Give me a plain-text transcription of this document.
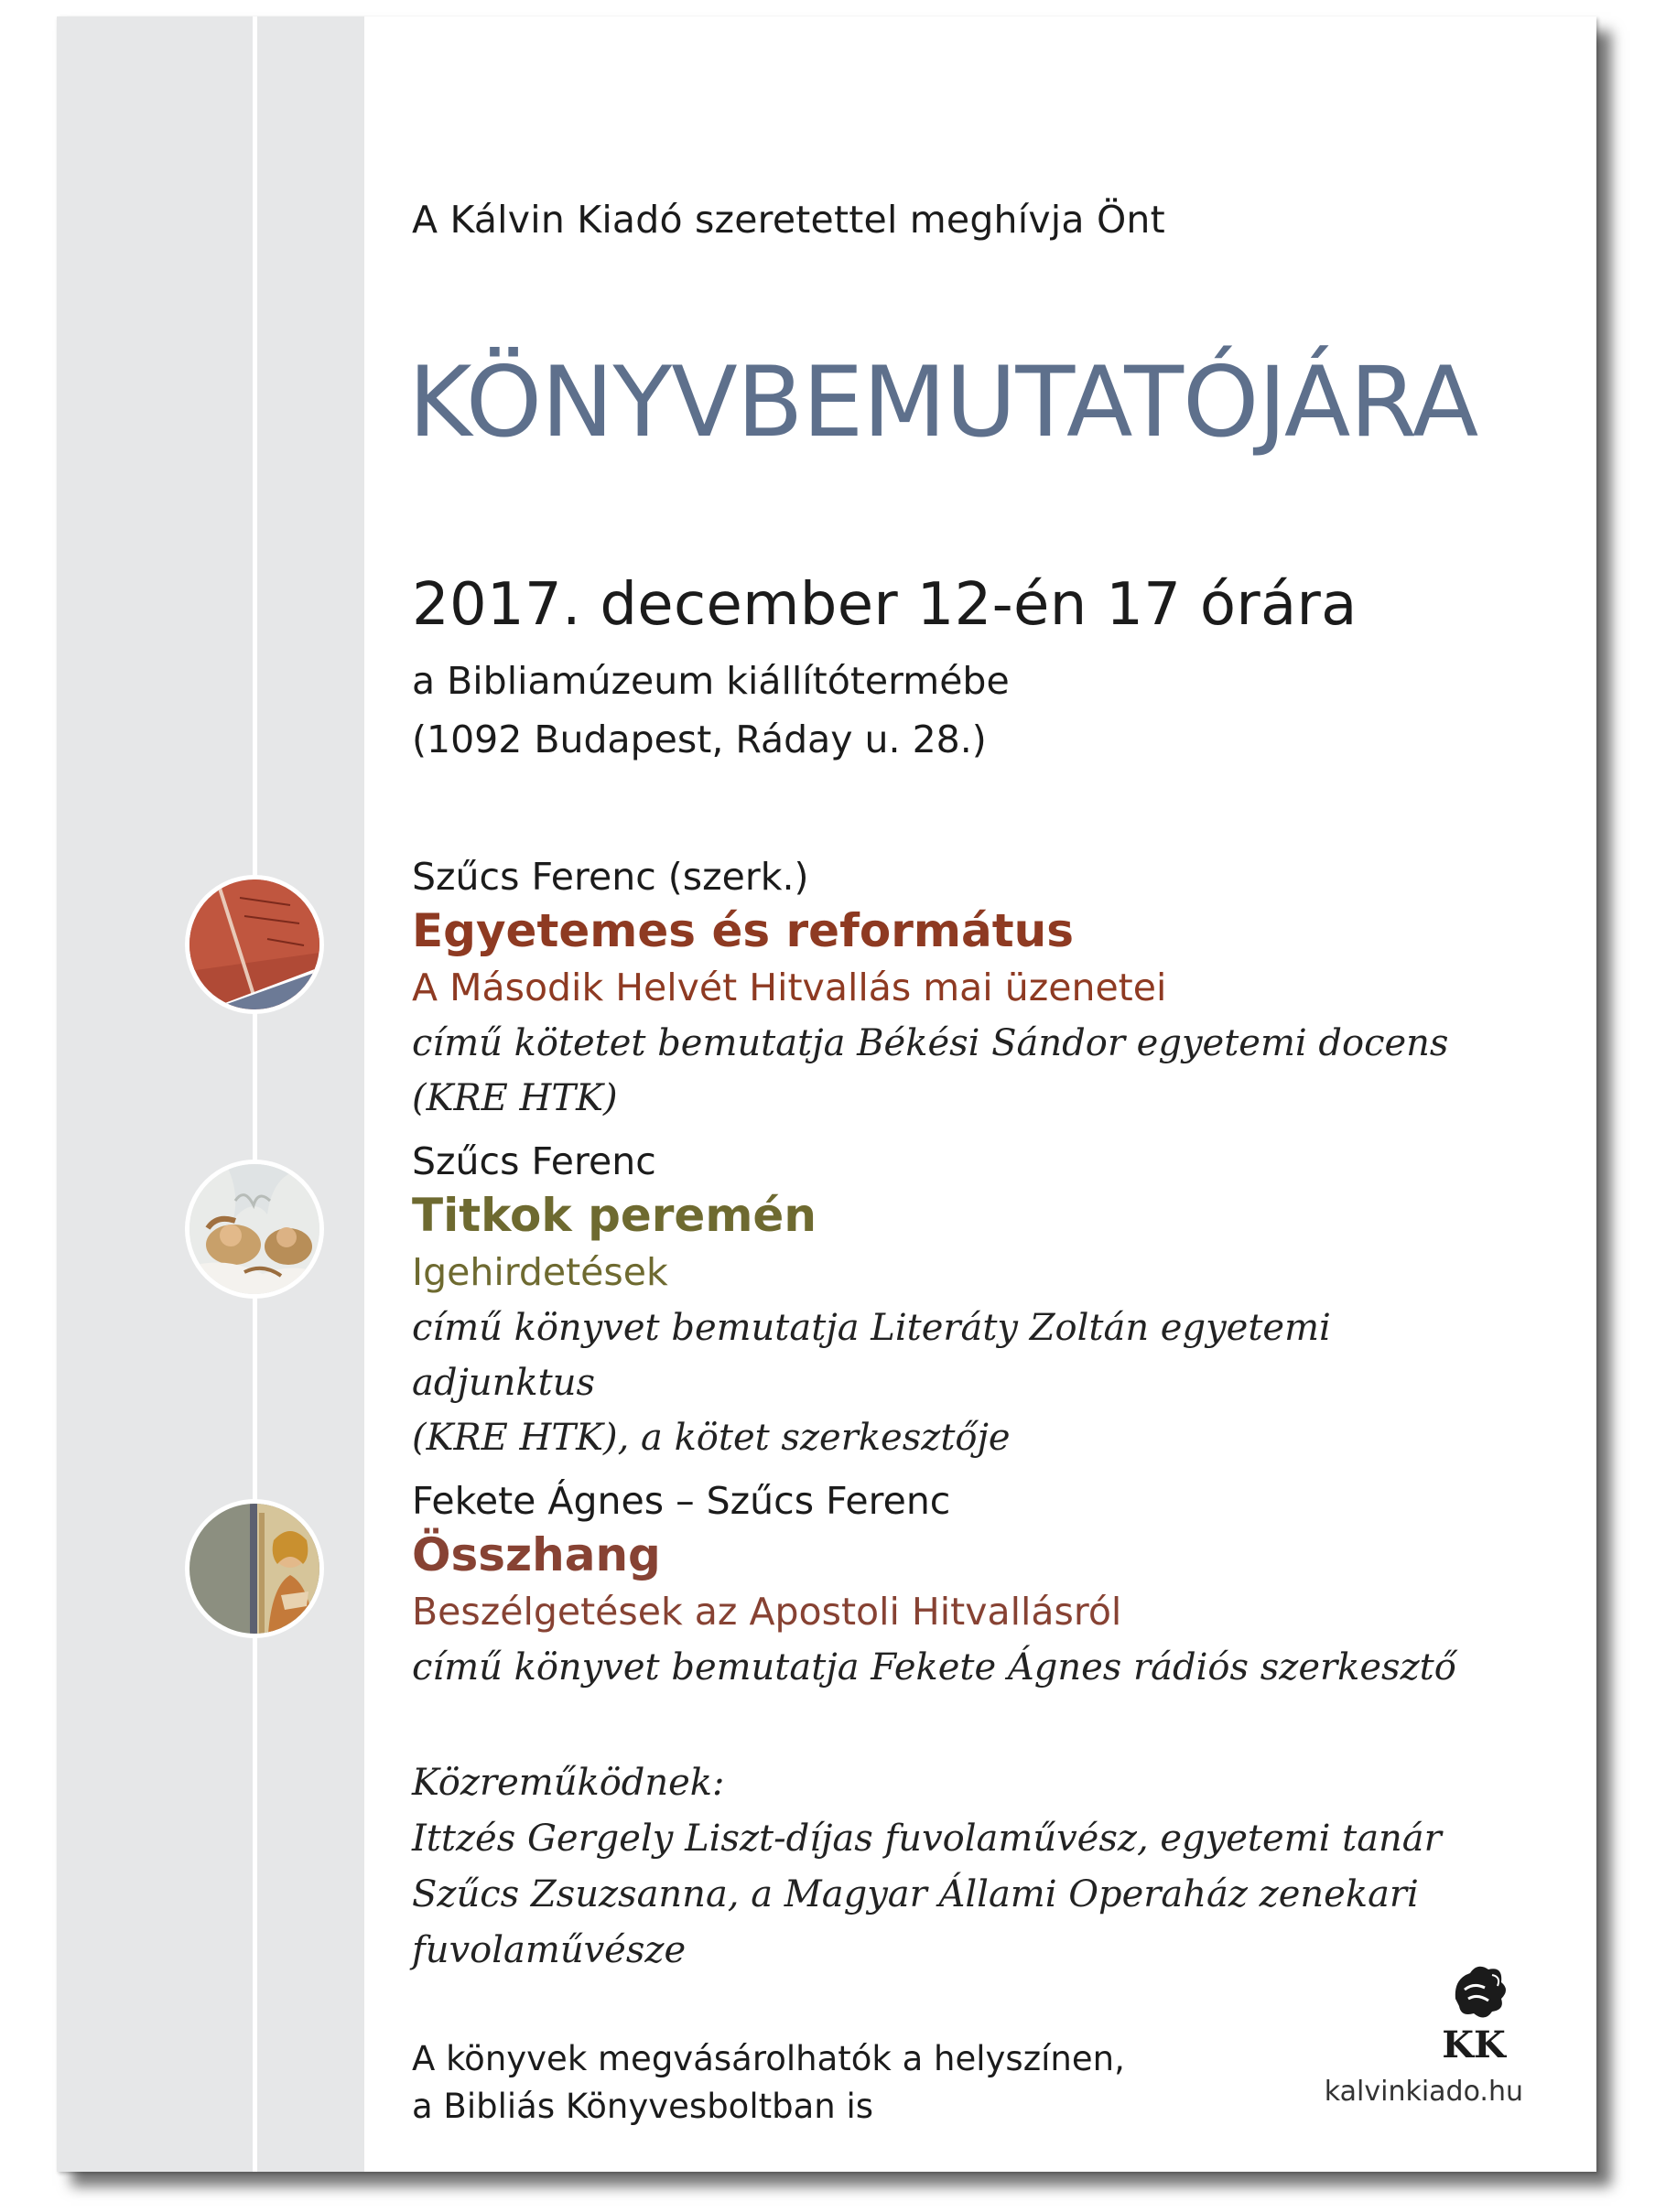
A Kálvin Kiadó szeretettel meghívja Önt
KÖNYVBEMUTATÓJÁRA
2017. december 12-én 17 órára
a Bibliamúzeum kiállítótermébe
(1092 Budapest, Ráday u. 28.)
Szűcs Ferenc (szerk.)
Egyetemes és református
A Második Helvét Hitvallás mai üzenetei
című kötetet bemutatja Békési Sándor egyetemi docens (KRE HTK)
Szűcs Ferenc
Titkok peremén
Igehirdetések
című könyvet bemutatja Literáty Zoltán egyetemi adjunktus
(KRE HTK), a kötet szerkesztője
Fekete Ágnes – Szűcs Ferenc
Összhang
Beszélgetések az Apostoli Hitvallásról
című könyvet bemutatja Fekete Ágnes rádiós szerkesztő
Közreműködnek:
Ittzés Gergely Liszt-díjas fuvolaművész, egyetemi tanár
Szűcs Zsuzsanna, a Magyar Állami Operaház zenekari fuvolaművésze
A könyvek megvásárolhatók a helyszínen,
a Bibliás Könyvesboltban is
KK
kalvinkiado.hu
